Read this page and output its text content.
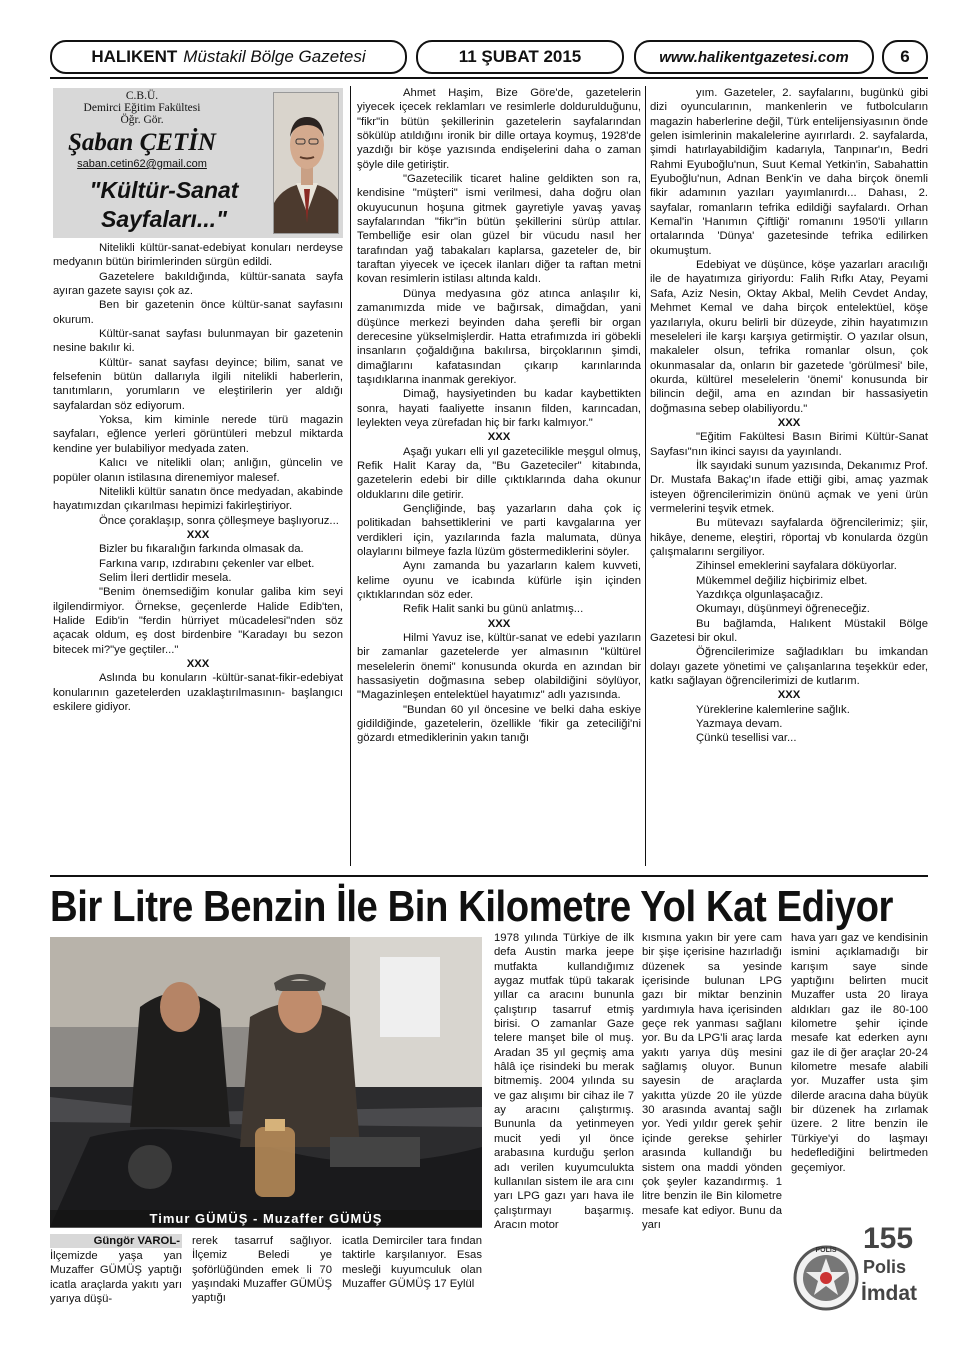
HALIKENT Müstakil Bölge Gazetesi	11 ŞUBAT 2015	www.halikentgazetesi.com	6
C.B.Ü.
Demirci Eğitim Fakültesi
Öğr. Gör.
Şaban ÇETİN
saban.cetin62@gmail.com
"Kültür-Sanat Sayfaları..."

Nitelikli kültür-sanat-edebiyat konuları nerdeyse medyanın bütün birimlerinden sürgün edildi.

Gazetelere bakıldığında, kültür-sanata sayfa ayıran gazete sayısı çok az.

Ben bir gazetenin önce kültür-sanat sayfasını okurum.

Kültür-sanat sayfası bulunmayan bir gazetenin nesine bakılır ki.

Kültür- sanat sayfası deyince; bilim, sanat ve felsefenin bütün dallarıyla ilgili nitelikli haberlerin, tanıtımların, yorumların ve eleştirilerin yer aldığı sayfalardan söz ediyorum.

Yoksa, kim kiminle nerede türü magazin sayfaları, eğlence yerleri görüntüleri mebzul miktarda kendine yer bulabiliyor medyada zaten.

Kalıcı ve nitelikli olan; anlığın, güncelin ve popüler olanın istilasına direnemiyor malesef.

Nitelikli kültür sanatın önce medyadan, akabinde hayatımızdan çıkarılması hepimizi fakirleştiriyor.

Önce çoraklaşıp, sonra çölleşmeye başlıyoruz...

XXX

Bizler bu fıkaralığın farkında olmasak da.

Farkına varıp, ızdırabını çekenler var elbet.

Selim İleri dertlidir mesela.

"Benim önemsediğim konular galiba kim seyi ilgilendirmiyor. Örnekse, geçenlerde Halide Edib'ten, Halide Edib'in "ferdin hürriyet mücadelesi"nden söz açacak oldum, eş dost birdenbire "Karadayı bu sezon bitecek mi?"ye geçtiler..."

XXX

Aslında bu konuların -kültür-sanat-fikir-edebiyat konularının gazetelerden uzaklaştırılmasının- başlangıcı eskilere gidiyor.

Ahmet Haşim, Bize Göre'de, gazetelerin yiyecek içecek reklamları ve resimlerle doldurulduğunu, "fikr"in bütün şekillerinin gazetelerin sayfalarından sökülüp atıldığını ironik bir dille ortaya koymuş, 1928'de yazdığı bir köşe yazısında endişelerini daha o zaman şöyle dile getiriştir.

"Gazetecilik ticaret haline geldikten son ra, kendisine "müşteri" ismi verilmesi, daha doğru olan okuyucunun hoşuna gitmek gayretiyle yavaş yavaş sayfalarından "fikr"in bütün şekillerini sürüp attılar. Tembelliğe esir olan güzel bir vücudu nasıl her tarafından yağ tabakaları kaplarsa, gazeteler de, bir taraftan yiyecek ve içecek ilanları diğer ta raftan metni kovan resimlerin istilası altında kaldı.

Dünya medyasına göz atınca anlaşılır ki, zamanımızda mide ve bağırsak, dimağdan, yani düşünce merkezi beyinden daha şerefli bir organ derecesine yükselmişlerdir. Hatta etrafımızda iri göbekli insanların çoğaldığına bakılırsa, birçoklarının şimdi, dimağlarını kafatasından çıkarıp karınlarında taşıdıklarına inanmak gerekiyor.

Dimağ, haysiyetinden bu kadar kaybettikten sonra, hayati faaliyette insanın filden, karıncadan, leylekten veya zürefadan hiç bir farkı kalmıyor."

XXX

Aşağı yukarı elli yıl gazetecilikle meşgul olmuş, Refik Halit Karay da, "Bu Gazeteciler" kitabında, gazetelerin edebi bir dille çıktıklarında daha okunur olduklarını dile getirir.

Gençliğinde, baş yazarların daha çok iç politikadan bahsettiklerini ve parti kavgalarına yer verdikleri için, yazılarında fazla malumata, dünya olaylarını bilmeye fazla lüzüm göstermediklerini söyler.

Aynı zamanda bu yazarların kalem kuvveti, kelime oyunu ve icabında küfürle işin içinden çıktıklarından söz eder.

Refik Halit sanki bu günü anlatmış...

XXX

Hilmi Yavuz ise, kültür-sanat ve edebi yazıların bir zamanlar gazetelerde yer almasının "kültürel meselelerin önemi" konusunda okurda en azından bir hassasiyetin doğmasına sebep olabildiğini söylüyor, "Magazinleşen entelektüel hayatımız" adlı yazısında.

"Bundan 60 yıl öncesine ve belki daha eskiye gidildiğinde, gazetelerin, özellikle 'fikir ga zeteciliği'ni gözardı etmediklerinin yakın tanığı

yım. Gazeteler, 2. sayfalarını, bugünkü gibi dizi oyuncularının, mankenlerin ve futbolcuların magazin haberlerine değil, Türk entelijensiyasının önde gelen isimlerinin makalelerine ayırırlardı. 2. sayfalarda, şimdi hatırlayabildiğim kadarıyla, Tanpınar'ın, Bedri Rahmi Eyuboğlu'nun, Suut Kemal Yetkin'in, Sabahattin Eyuboğlu'nun, Adnan Benk'in ve daha birçok önemli fikir adamının yazıları yayımlanırdı... Dahası, 2. sayfalar, romanların tefrika edildiği sayfalardı. Orhan Kemal'in 'Hanımın Çiftliği' romanını 1950'li yılların ortalarında 'Dünya' gazetesinde tefrika edilirken okumuştum.

Edebiyat ve düşünce, köşe yazarları aracılığı ile de hayatımıza giriyordu: Falih Rıfkı Atay, Peyami Safa, Aziz Nesin, Oktay Akbal, Melih Cevdet Anday, Mehmet Kemal ve daha birçok entelektüel, köşe yazılarıyla, okuru belirli bir düzeyde, zihin hayatımızın meseleleri ile karşı karşıya getirmiştir. O yazılar olsun, makaleler olsun, tefrika romanlar olsun, çok okunmasalar da, onların bir gazetede 'görülmesi' bile, okurda, kültürel meselelerin 'önemi' konusunda bir bilincin değil, ama en azından bir hassasiyetin doğmasına sebep olabiliyordu."

XXX

"Eğitim Fakültesi Basın Birimi Kültür-Sanat Sayfası"nın ikinci sayısı da yayınlandı.

İlk sayıdaki sunum yazısında, Dekanımız Prof. Dr. Mustafa Bakaç'ın ifade ettiği gibi, amaç yazmak isteyen öğrencilerimizin önünü açmak ve yeni ürün vermelerini teşvik etmek.

Bu mütevazı sayfalarda öğrencilerimiz; şiir, hikâye, deneme, eleştiri, röportaj vb konularda özgün çalışmalarını sergiliyor.

Zihinsel emeklerini sayfalara döküyorlar.

Mükemmel değiliz hiçbirimiz elbet.

Yazdıkça olgunlaşacağız.

Okumayı, düşünmeyi öğreneceğiz.

Bu bağlamda, Halıkent Müstakil Bölge Gazetesi bir okul.

Öğrencilerimize sağladıkları bu imkandan dolayı gazete yönetimi ve çalışanlarına teşekkür eder, katkı sağlayan öğrencilerimizi de kutlarım.

XXX

Yüreklerine kalemlerine sağlık.

Yazmaya devam.

Çünkü tesellisi var...

Bir Litre Benzin İle Bin Kilometre Yol Kat Ediyor
Timur GÜMÜŞ - Muzaffer GÜMÜŞ
Güngör VAROL-
İlçemizde yaşa yan Muzaffer GÜMÜŞ yaptığı icatla araçlarda yakıtı yarı yarıya düşü-
rerek tasarruf sağlıyor. İlçemiz Beledi ye şoförlüğünden emek li 70 yaşındaki Muzaffer GÜMÜŞ yaptığı
icatla Demirciler tara fından taktirle karşılanıyor. Esas mesleği kuyumculuk olan Muzaffer GÜMÜŞ 17 Eylül
1978 yılında Türkiye de ilk defa Austin marka jeepe mutfakta kullandığımız aygaz mutfak tüpü takarak yıllar ca aracını bununla çalıştırıp tasarruf etmiş birisi. O zamanlar Gaze telere manşet bile ol muş. Aradan 35 yıl geçmiş ama hâlâ içe risindeki bu merak bitmemiş. 2004 yılında su ve gaz alışımı bir cihaz ile 7 ay aracını çalıştırmış. Bununla da yetinmeyen mucit yedi yıl önce arabasına kurduğu şerlon adı verilen kuyumculukta kullanılan sistem ile ara cını yarı LPG gazı yarı hava ile çalıştırmayı başarmış. Aracın motor
kısmına yakın bir yere cam bir şişe içerisine hazırladığı düzenek sa yesinde içerisinde bulunan LPG gazı bir miktar benzinin yardımıyla hava içerisinden geçe rek yanması sağlanı yor. Bu da LPG'li araç larda yakıtı yarıya düş mesini sağlamış oluyor. Bunun sayesin de araçlarda yakıtta yüzde 20 ile yüzde 30 arasında avantaj sağlı yor. Yedi yıldır gerek şehir içinde gerekse şehirler arasında kullandığı bu sistem ona maddi yönden çok şeyler kazandırmış. 1 litre benzin ile Bin kilometre mesafe kat ediyor. Bunu da yarı
hava yarı gaz ve kendisinin ismini açıklamadığı bir karışım saye sinde yaptığını belirten mucit Muzaffer usta 20 liraya aldıkları gaz ile 80-100 kilometre şehir içinde mesafe kat ederken aynı gaz ile di ğer araçlar 20-24 kilometre mesafe alabili yor. Muzaffer usta şim dilerde aracına daha büyük bir düzenek ha zırlamak üzere. 2 litre benzin ile Türkiye'yi do laşmayı hedeflediğini belirtmeden geçemiyor.
POLİS 155
Polis
İmdat
